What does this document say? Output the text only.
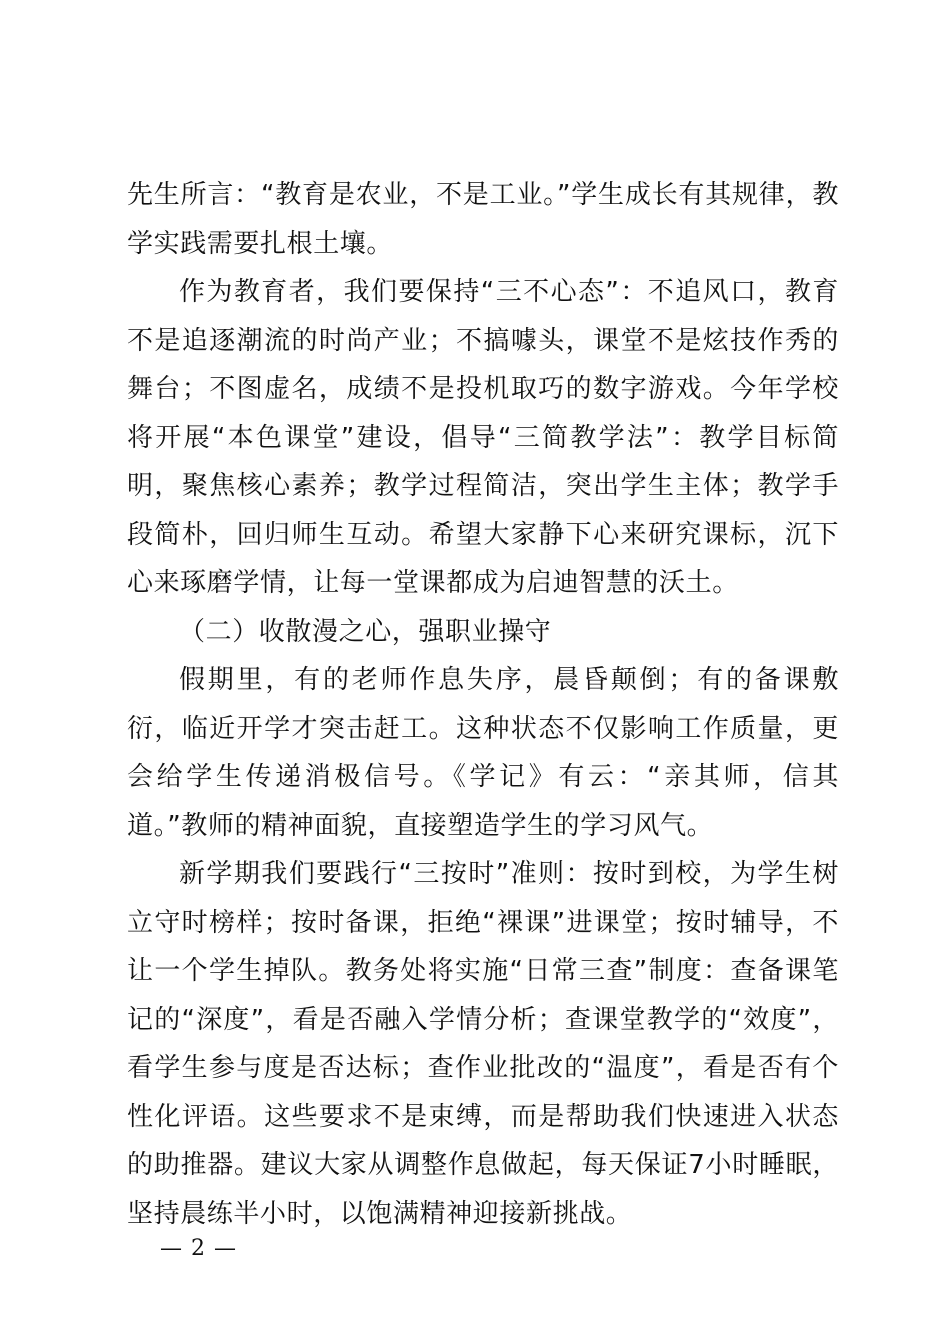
先生所言：“教育是农业，不是工业。”学生成长有其规律，教学实践需要扎根土壤。

作为教育者，我们要保持“三不心态”：不追风口，教育不是追逐潮流的时尚产业；不搞噱头，课堂不是炫技作秀的舞台；不图虚名，成绩不是投机取巧的数字游戏。今年学校将开展“本色课堂”建设，倡导“三简教学法”：教学目标简明，聚焦核心素养；教学过程简洁，突出学生主体；教学手段简朴，回归师生互动。希望大家静下心来研究课标，沉下心来琢磨学情，让每一堂课都成为启迪智慧的沃土。

（二）收散漫之心，强职业操守

假期里，有的老师作息失序，晨昏颠倒；有的备课敷衍，临近开学才突击赶工。这种状态不仅影响工作质量，更会给学生传递消极信号。《学记》有云：“亲其师，信其道。”教师的精神面貌，直接塑造学生的学习风气。

新学期我们要践行“三按时”准则：按时到校，为学生树立守时榜样；按时备课，拒绝“裸课”进课堂；按时辅导，不让一个学生掉队。教务处将实施“日常三查”制度：查备课笔记的“深度”，看是否融入学情分析；查课堂教学的“效度”，看学生参与度是否达标；查作业批改的“温度”，看是否有个性化评语。这些要求不是束缚，而是帮助我们快速进入状态的助推器。建议大家从调整作息做起，每天保证7小时睡眠，坚持晨练半小时，以饱满精神迎接新挑战。

— 2 —
